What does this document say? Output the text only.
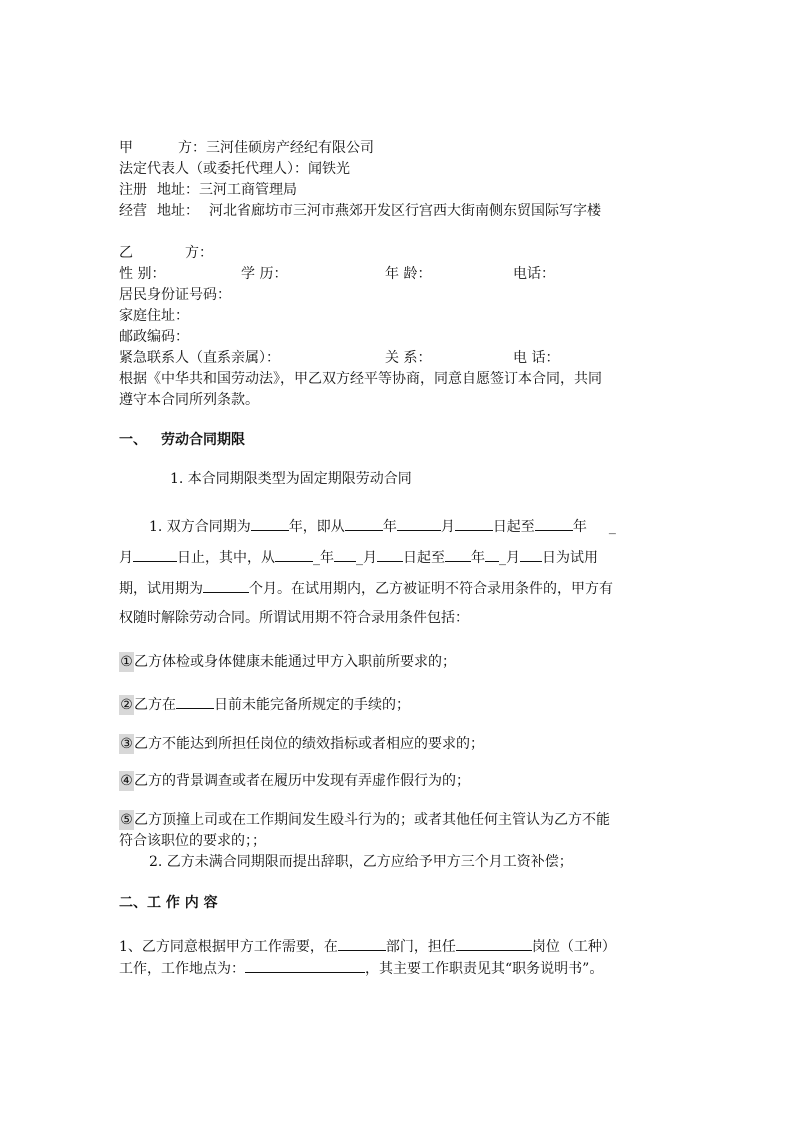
甲	方：三河佳硕房产经纪有限公司
法定代表人（或委托代理人）：闻铁光
注册 地址：三河工商管理局
经营 地址： 河北省廊坊市三河市燕郊开发区行宫西大街南侧东贸国际写字楼
乙	方：
性 别：	学 历：	年 龄：	电话：
居民身份证号码：
家庭住址：
邮政编码：
紧急联系人（直系亲属）：	关 系：	电 话：
根据《中华共和国劳动法》，甲乙双方经平等协商，同意自愿签订本合同，共同
遵守本合同所列条款。
一、 劳动合同期限
1. 本合同期限类型为固定期限劳动合同
1. 双方合同期为	年，即从	年	月	日起至	年 _
月	日止，其中，从	_年 _月 日起至 年 _月 日为试用
期，试用期为	个月。在试用期内，乙方被证明不符合录用条件的，甲方有
权随时解除劳动合同。所谓试用期不符合录用条件包括：
①乙方体检或身体健康未能通过甲方入职前所要求的；
②乙方在	日前未能完备所规定的手续的；
③乙方不能达到所担任岗位的绩效指标或者相应的要求的；
④乙方的背景调查或者在履历中发现有弄虚作假行为的；
⑤乙方顶撞上司或在工作期间发生殴斗行为的；或者其他任何主管认为乙方不能
符合该职位的要求的；；
2. 乙方未满合同期限而提出辞职，乙方应给予甲方三个月工资补偿；
二、工 作 内 容
1、乙方同意根据甲方工作需要，在	部门，担任	岗位（工种）
工作，工作地点为：	，其主要工作职责见其“职务说明书”。
